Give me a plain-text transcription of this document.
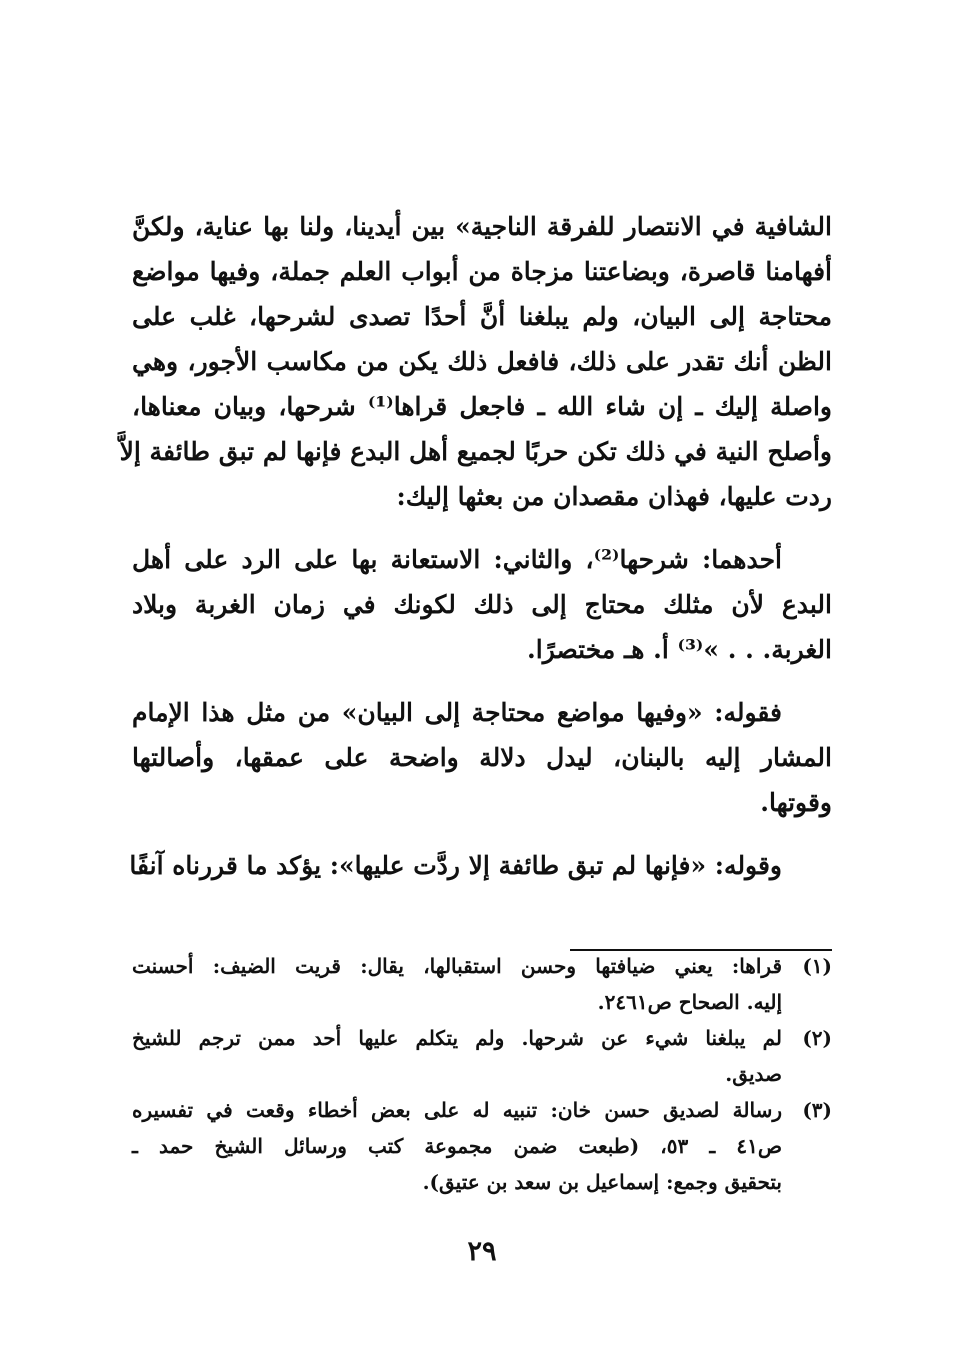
الشافية في الانتصار للفرقة الناجية» بين أيدينا، ولنا بها عناية، ولكنَّ
أفهامنا قاصرة، وبضاعتنا مزجاة من أبواب العلم جملة، وفيها مواضع
محتاجة إلى البيان، ولم يبلغنا أنَّ أحدًا تصدى لشرحها، غلب على
الظن أنك تقدر على ذلك، فافعل ذلك يكن من مكاسب الأجور، وهي
واصلة إليك ـ إن شاء الله ـ فاجعل قراها⁽¹⁾ شرحها، وبيان معناها،
وأصلح النية في ذلك تكن حربًا لجميع أهل البدع فإنها لم تبق طائفة إلاَّ
ردت عليها، فهذان مقصدان من بعثها إليك:
أحدهما: شرحها⁽²⁾، والثاني: الاستعانة بها على الرد على أهل
البدع لأن مثلك محتاج إلى ذلك لكونك في زمان الغربة وبلاد
الغربة. . . »⁽³⁾ أ. هـ مختصرًا.
فقوله: «وفيها مواضع محتاجة إلى البيان» من مثل هذا الإمام
المشار إليه بالبنان، ليدل دلالة واضحة على عمقها، وأصالتها
وقوتها.
وقوله: «فإنها لم تبق طائفة إلا ردَّت عليها»: يؤكد ما قررناه آنفًا
(١)
قراها: يعني ضيافتها وحسن استقبالها، يقال: قريت الضيف: أحسنت
إليه. الصحاح ص٢٤٦١.
(٢)
لم يبلغنا شيء عن شرحها. ولم يتكلم عليها أحد ممن ترجم للشيخ
صديق.
(٣)
رسالة لصديق حسن خان: تنبيه له على بعض أخطاء وقعت في تفسيره
ص٤١ ـ ٥٣، (طبعت ضمن مجموعة كتب ورسائل الشيخ حمد ـ
بتحقيق وجمع: إسماعيل بن سعد بن عتيق).
٢٩
